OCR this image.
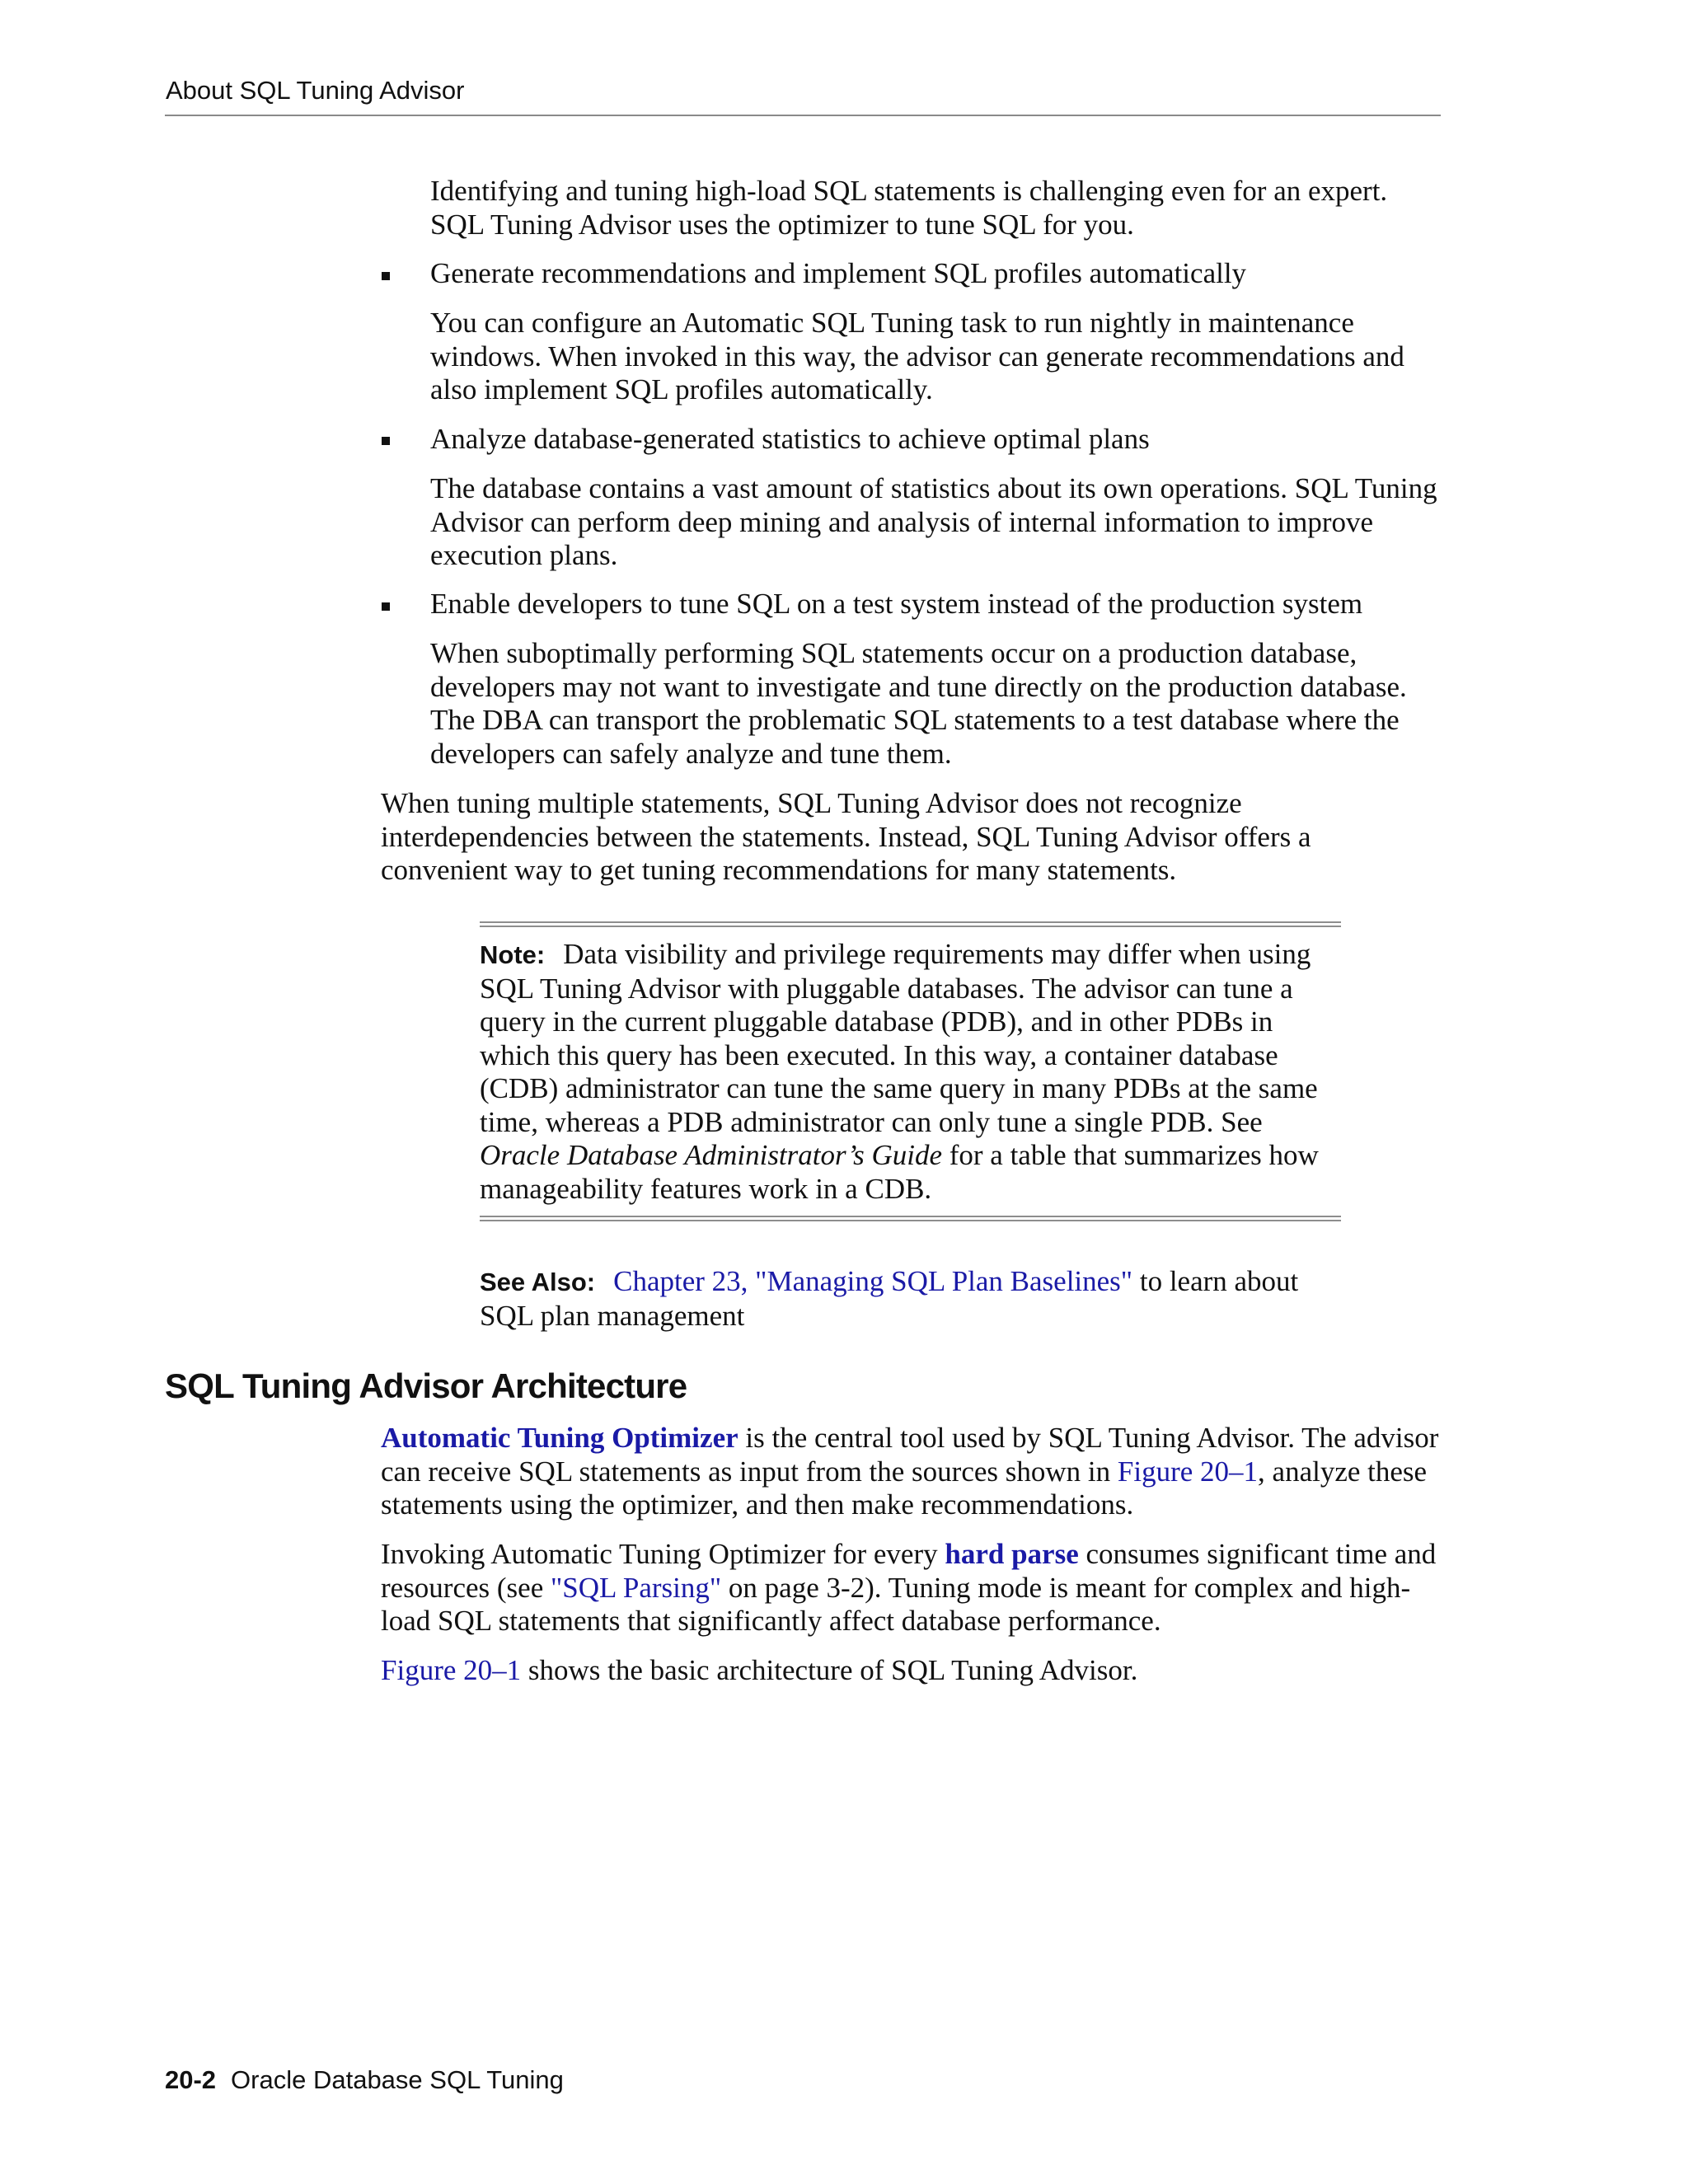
About SQL Tuning Advisor

Identifying and tuning high-load SQL statements is challenging even for an expert. SQL Tuning Advisor uses the optimizer to tune SQL for you.

Generate recommendations and implement SQL profiles automatically

You can configure an Automatic SQL Tuning task to run nightly in maintenance windows. When invoked in this way, the advisor can generate recommendations and also implement SQL profiles automatically.

Analyze database-generated statistics to achieve optimal plans

The database contains a vast amount of statistics about its own operations. SQL Tuning Advisor can perform deep mining and analysis of internal information to improve execution plans.

Enable developers to tune SQL on a test system instead of the production system

When suboptimally performing SQL statements occur on a production database, developers may not want to investigate and tune directly on the production database. The DBA can transport the problematic SQL statements to a test database where the developers can safely analyze and tune them.

When tuning multiple statements, SQL Tuning Advisor does not recognize interdependencies between the statements. Instead, SQL Tuning Advisor offers a convenient way to get tuning recommendations for many statements.

Note: Data visibility and privilege requirements may differ when using SQL Tuning Advisor with pluggable databases. The advisor can tune a query in the current pluggable database (PDB), and in other PDBs in which this query has been executed. In this way, a container database (CDB) administrator can tune the same query in many PDBs at the same time, whereas a PDB administrator can only tune a single PDB. See Oracle Database Administrator’s Guide for a table that summarizes how manageability features work in a CDB.

See Also: Chapter 23, "Managing SQL Plan Baselines" to learn about SQL plan management

SQL Tuning Advisor Architecture

Automatic Tuning Optimizer is the central tool used by SQL Tuning Advisor. The advisor can receive SQL statements as input from the sources shown in Figure 20–1, analyze these statements using the optimizer, and then make recommendations.

Invoking Automatic Tuning Optimizer for every hard parse consumes significant time and resources (see "SQL Parsing" on page 3-2). Tuning mode is meant for complex and high-load SQL statements that significantly affect database performance.

Figure 20–1 shows the basic architecture of SQL Tuning Advisor.

20-2 Oracle Database SQL Tuning
